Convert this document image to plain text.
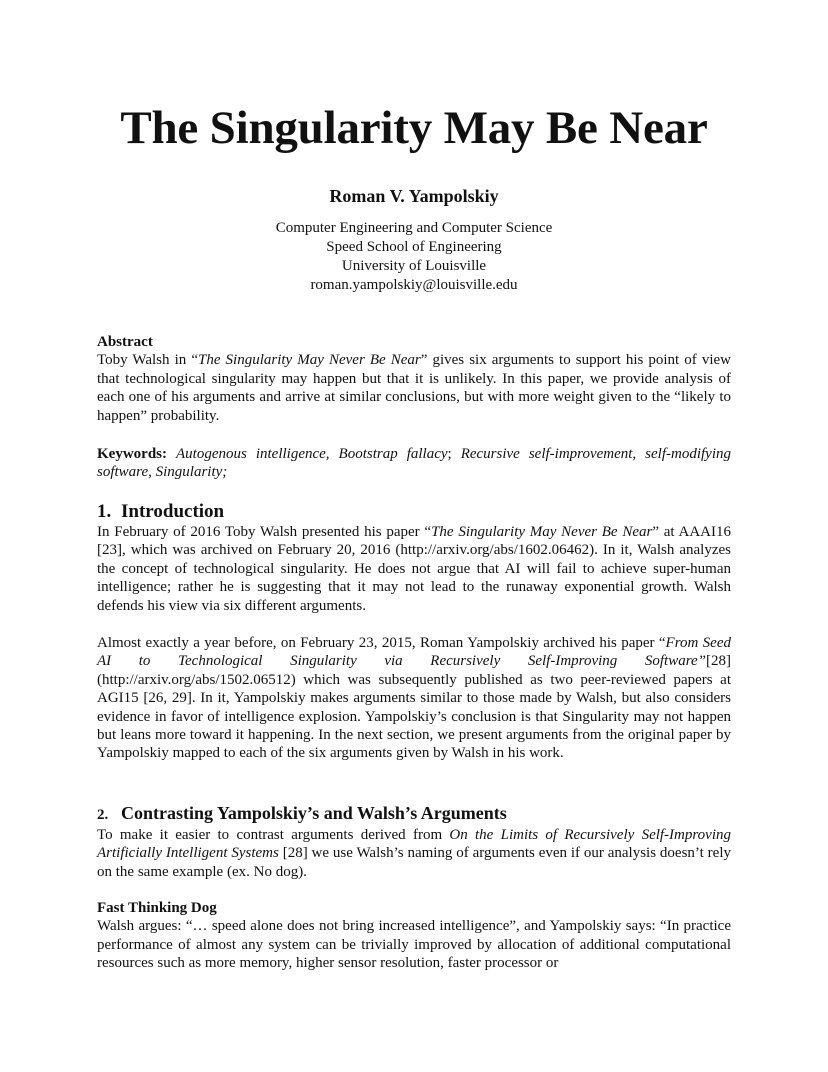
The Singularity May Be Near
Roman V. Yampolskiy
Computer Engineering and Computer Science
Speed School of Engineering
University of Louisville
roman.yampolskiy@louisville.edu
Abstract

Toby Walsh in “The Singularity May Never Be Near” gives six arguments to support his point of view that technological singularity may happen but that it is unlikely. In this paper, we provide analysis of each one of his arguments and arrive at similar conclusions, but with more weight given to the “likely to happen” probability.

Keywords: Autogenous intelligence, Bootstrap fallacy; Recursive self-improvement, self-modifying software, Singularity;

1. Introduction

In February of 2016 Toby Walsh presented his paper “The Singularity May Never Be Near” at AAAI16 [23], which was archived on February 20, 2016 (http://arxiv.org/abs/1602.06462). In it, Walsh analyzes the concept of technological singularity. He does not argue that AI will fail to achieve super-human intelligence; rather he is suggesting that it may not lead to the runaway exponential growth. Walsh defends his view via six different arguments.

Almost exactly a year before, on February 23, 2015, Roman Yampolskiy archived his paper “From Seed AI to Technological Singularity via Recursively Self-Improving Software”[28] (http://arxiv.org/abs/1502.06512) which was subsequently published as two peer-reviewed papers at AGI15 [26, 29]. In it, Yampolskiy makes arguments similar to those made by Walsh, but also considers evidence in favor of intelligence explosion. Yampolskiy’s conclusion is that Singularity may not happen but leans more toward it happening. In the next section, we present arguments from the original paper by Yampolskiy mapped to each of the six arguments given by Walsh in his work.

2. Contrasting Yampolskiy’s and Walsh’s Arguments

To make it easier to contrast arguments derived from On the Limits of Recursively Self-Improving Artificially Intelligent Systems [28] we use Walsh’s naming of arguments even if our analysis doesn’t rely on the same example (ex. No dog).

Fast Thinking Dog

Walsh argues: “… speed alone does not bring increased intelligence”, and Yampolskiy says: “In practice performance of almost any system can be trivially improved by allocation of additional computational resources such as more memory, higher sensor resolution, faster processor or
